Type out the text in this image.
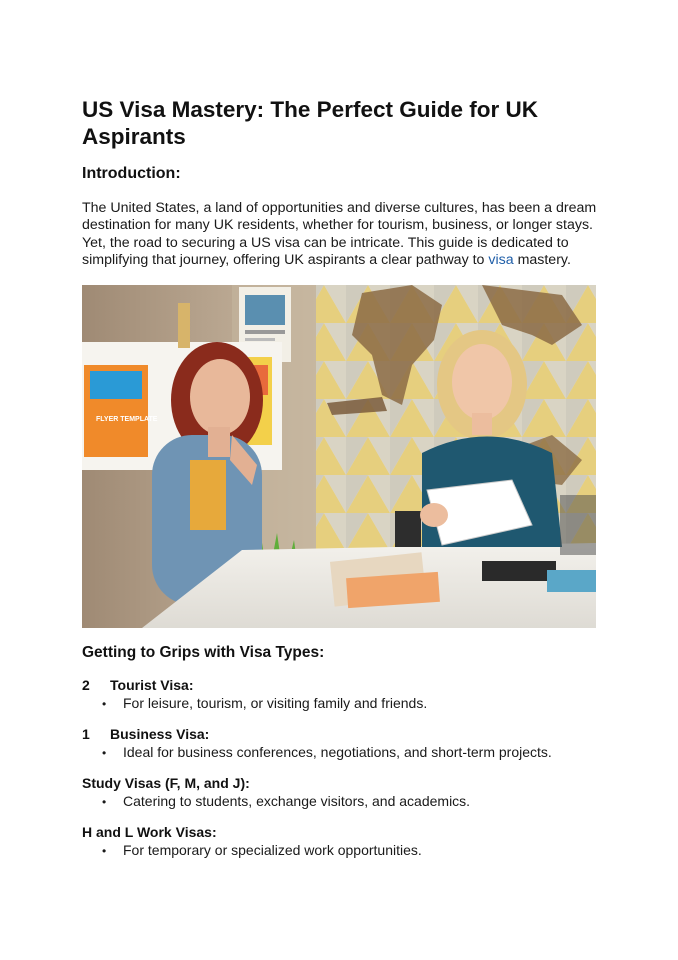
US Visa Mastery: The Perfect Guide for UK Aspirants
Introduction:

The United States, a land of opportunities and diverse cultures, has been a dream destination for many UK residents, whether for tourism, business, or longer stays. Yet, the road to securing a US visa can be intricate. This guide is dedicated to simplifying that journey, offering UK aspirants a clear pathway to visa mastery.

FLYER TEMPLATE
Getting to Grips with Visa Types:
2 Tourist Visa:
• For leisure, tourism, or visiting family and friends.
1 Business Visa:
• Ideal for business conferences, negotiations, and short-term projects.
Study Visas (F, M, and J):
• Catering to students, exchange visitors, and academics.
H and L Work Visas:
• For temporary or specialized work opportunities.
